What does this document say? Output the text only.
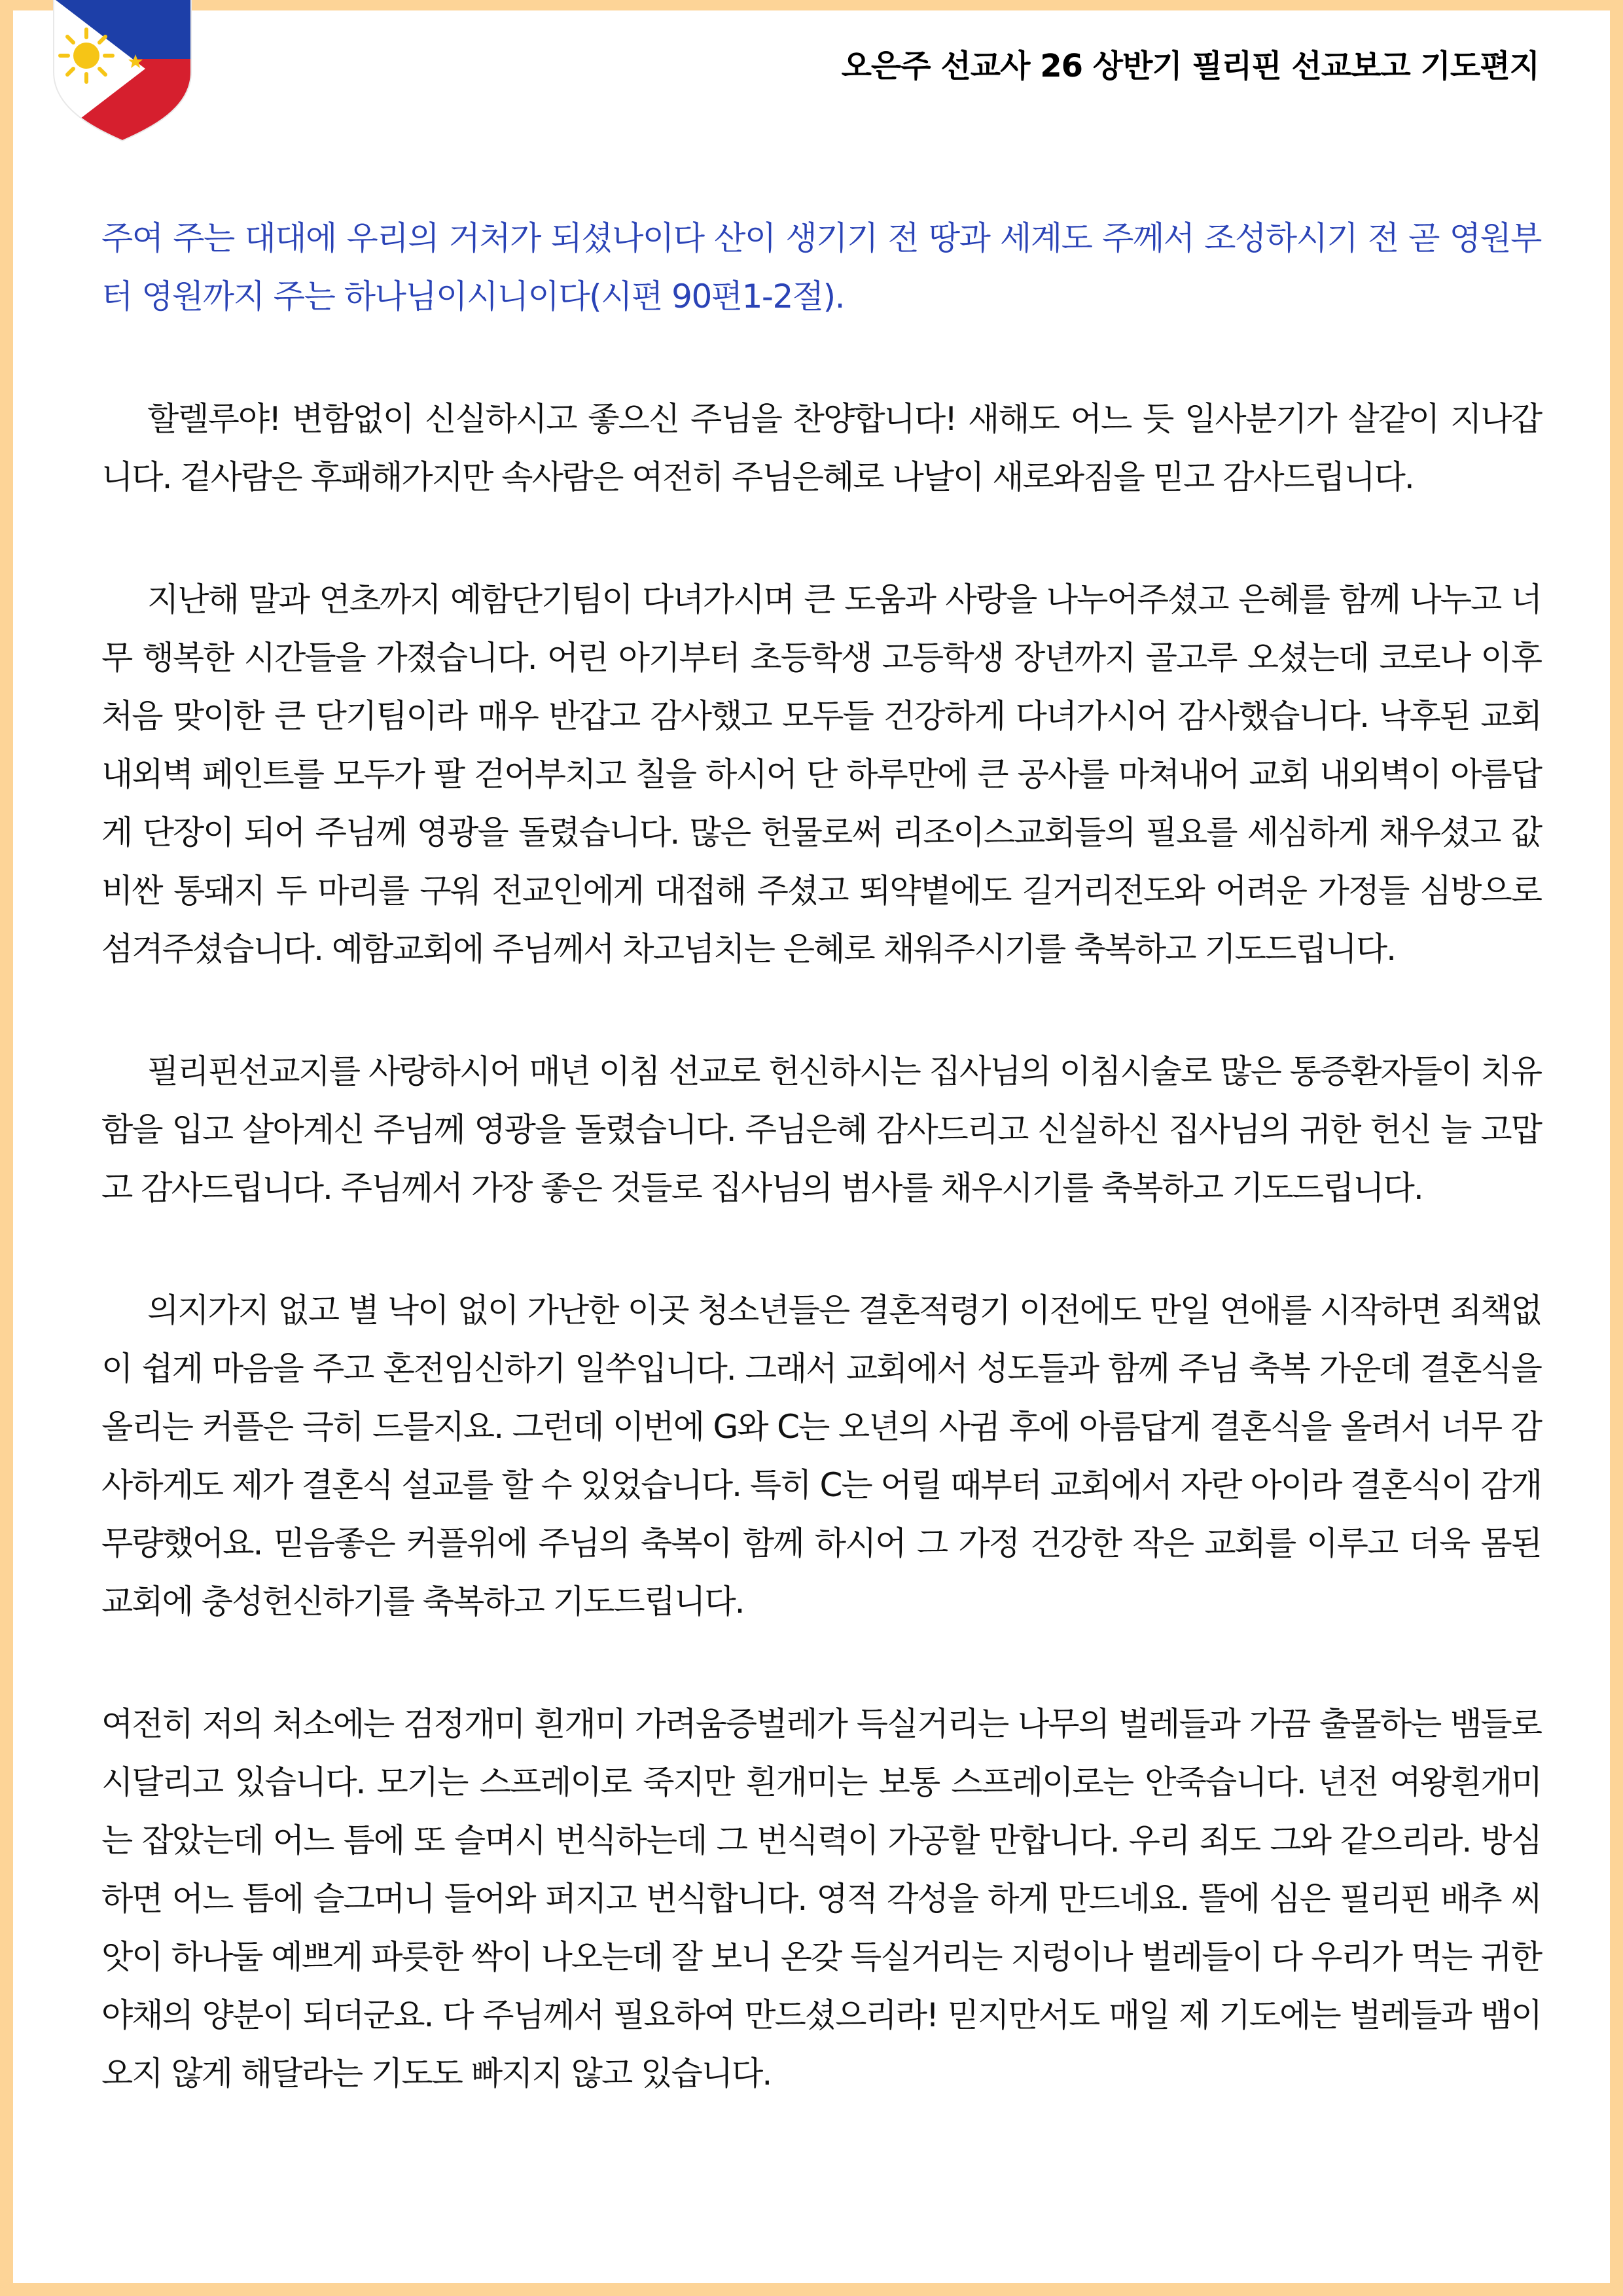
오은주 선교사 26 상반기 필리핀 선교보고 기도편지

주여 주는 대대에 우리의 거처가 되셨나이다 산이 생기기 전 땅과 세계도 주께서 조성하시기 전 곧 영원부터 영원까지 주는 하나님이시니이다(시편 90편1-2절).

할렐루야! 변함없이 신실하시고 좋으신 주님을 찬양합니다! 새해도 어느 듯 일사분기가 살같이 지나갑니다. 겉사람은 후패해가지만 속사람은 여전히 주님은혜로 나날이 새로와짐을 믿고 감사드립니다.

지난해 말과 연초까지 예함단기팀이 다녀가시며 큰 도움과 사랑을 나누어주셨고 은혜를 함께 나누고 너무 행복한 시간들을 가졌습니다. 어린 아기부터 초등학생 고등학생 장년까지 골고루 오셨는데 코로나 이후 처음 맞이한 큰 단기팀이라 매우 반갑고 감사했고 모두들 건강하게 다녀가시어 감사했습니다. 낙후된 교회 내외벽 페인트를 모두가 팔 걷어부치고 칠을 하시어 단 하루만에 큰 공사를 마쳐내어 교회 내외벽이 아름답게 단장이 되어 주님께 영광을 돌렸습니다. 많은 헌물로써 리조이스교회들의 필요를 세심하게 채우셨고 값비싼 통돼지 두 마리를 구워 전교인에게 대접해 주셨고 뙤약볕에도 길거리전도와 어려운 가정들 심방으로 섬겨주셨습니다. 예함교회에 주님께서 차고넘치는 은혜로 채워주시기를 축복하고 기도드립니다.

필리핀선교지를 사랑하시어 매년 이침 선교로 헌신하시는 집사님의 이침시술로 많은 통증환자들이 치유함을 입고 살아계신 주님께 영광을 돌렸습니다. 주님은혜 감사드리고 신실하신 집사님의 귀한 헌신 늘 고맙고 감사드립니다. 주님께서 가장 좋은 것들로 집사님의 범사를 채우시기를 축복하고 기도드립니다.

의지가지 없고 별 낙이 없이 가난한 이곳 청소년들은 결혼적령기 이전에도 만일 연애를 시작하면 죄책없이 쉽게 마음을 주고 혼전임신하기 일쑤입니다. 그래서 교회에서 성도들과 함께 주님 축복 가운데 결혼식을 올리는 커플은 극히 드믈지요. 그런데 이번에 G와 C는 오년의 사귐 후에 아름답게 결혼식을 올려서 너무 감사하게도 제가 결혼식 설교를 할 수 있었습니다. 특히 C는 어릴 때부터 교회에서 자란 아이라 결혼식이 감개무량했어요. 믿음좋은 커플위에 주님의 축복이 함께 하시어 그 가정 건강한 작은 교회를 이루고 더욱 몸된 교회에 충성헌신하기를 축복하고 기도드립니다.

여전히 저의 처소에는 검정개미 흰개미 가려움증벌레가 득실거리는 나무의 벌레들과 가끔 출몰하는 뱀들로 시달리고 있습니다. 모기는 스프레이로 죽지만 흰개미는 보통 스프레이로는 안죽습니다. 년전 여왕흰개미는 잡았는데 어느 틈에 또 슬며시 번식하는데 그 번식력이 가공할 만합니다. 우리 죄도 그와 같으리라. 방심하면 어느 틈에 슬그머니 들어와 퍼지고 번식합니다. 영적 각성을 하게 만드네요. 뜰에 심은 필리핀 배추 씨앗이 하나둘 예쁘게 파릇한 싹이 나오는데 잘 보니 온갖 득실거리는 지렁이나 벌레들이 다 우리가 먹는 귀한 야채의 양분이 되더군요. 다 주님께서 필요하여 만드셨으리라! 믿지만서도 매일 제 기도에는 벌레들과 뱀이 오지 않게 해달라는 기도도 빠지지 않고 있습니다.
